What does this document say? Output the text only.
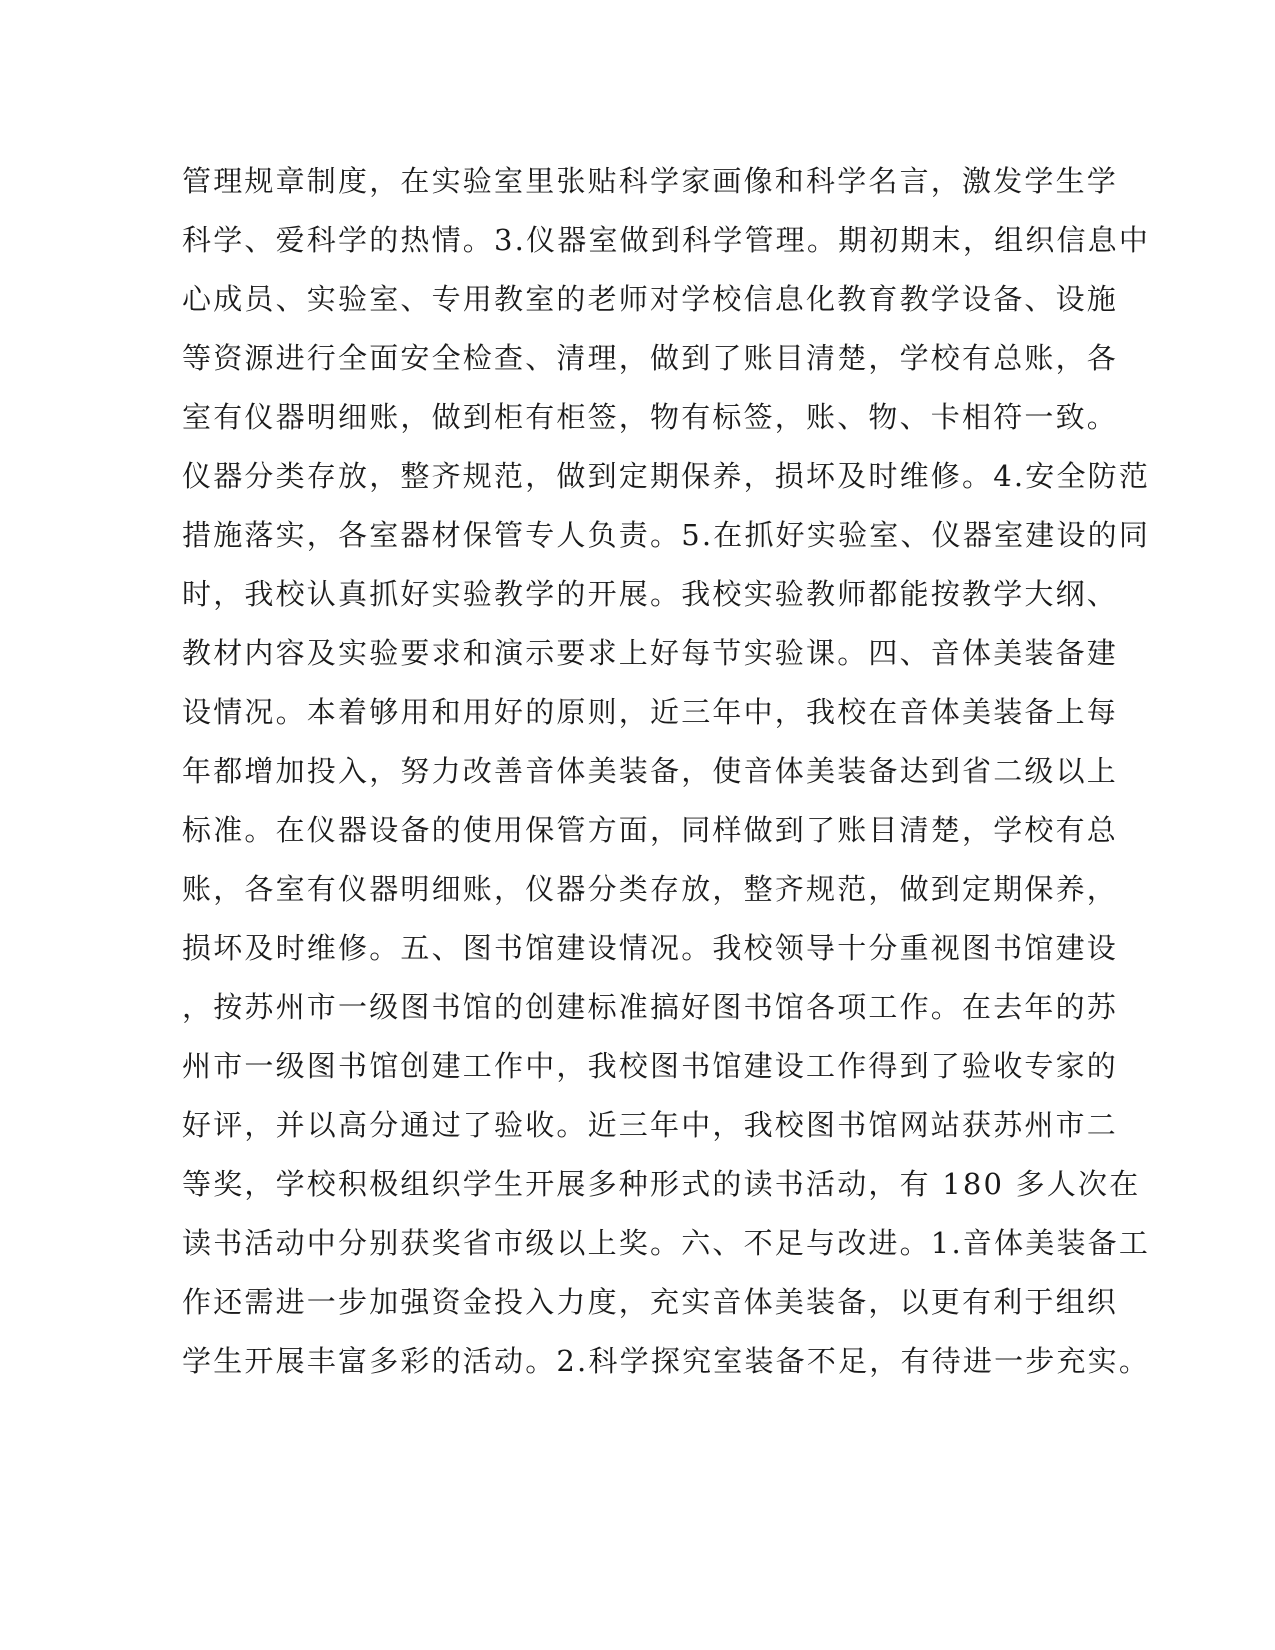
管理规章制度，在实验室里张贴科学家画像和科学名言，激发学生学
科学、爱科学的热情。3.仪器室做到科学管理。期初期末，组织信息中
心成员、实验室、专用教室的老师对学校信息化教育教学设备、设施
等资源进行全面安全检查、清理，做到了账目清楚，学校有总账，各
室有仪器明细账，做到柜有柜签，物有标签，账、物、卡相符一致。
仪器分类存放，整齐规范，做到定期保养，损坏及时维修。4.安全防范
措施落实，各室器材保管专人负责。5.在抓好实验室、仪器室建设的同
时，我校认真抓好实验教学的开展。我校实验教师都能按教学大纲、
教材内容及实验要求和演示要求上好每节实验课。四、音体美装备建
设情况。本着够用和用好的原则，近三年中，我校在音体美装备上每
年都增加投入，努力改善音体美装备，使音体美装备达到省二级以上
标准。在仪器设备的使用保管方面，同样做到了账目清楚，学校有总
账，各室有仪器明细账，仪器分类存放，整齐规范，做到定期保养，
损坏及时维修。五、图书馆建设情况。我校领导十分重视图书馆建设
，按苏州市一级图书馆的创建标准搞好图书馆各项工作。在去年的苏
州市一级图书馆创建工作中，我校图书馆建设工作得到了验收专家的
好评，并以高分通过了验收。近三年中，我校图书馆网站获苏州市二
等奖，学校积极组织学生开展多种形式的读书活动，有 180 多人次在
读书活动中分别获奖省市级以上奖。六、不足与改进。1.音体美装备工
作还需进一步加强资金投入力度，充实音体美装备，以更有利于组织
学生开展丰富多彩的活动。2.科学探究室装备不足，有待进一步充实。
